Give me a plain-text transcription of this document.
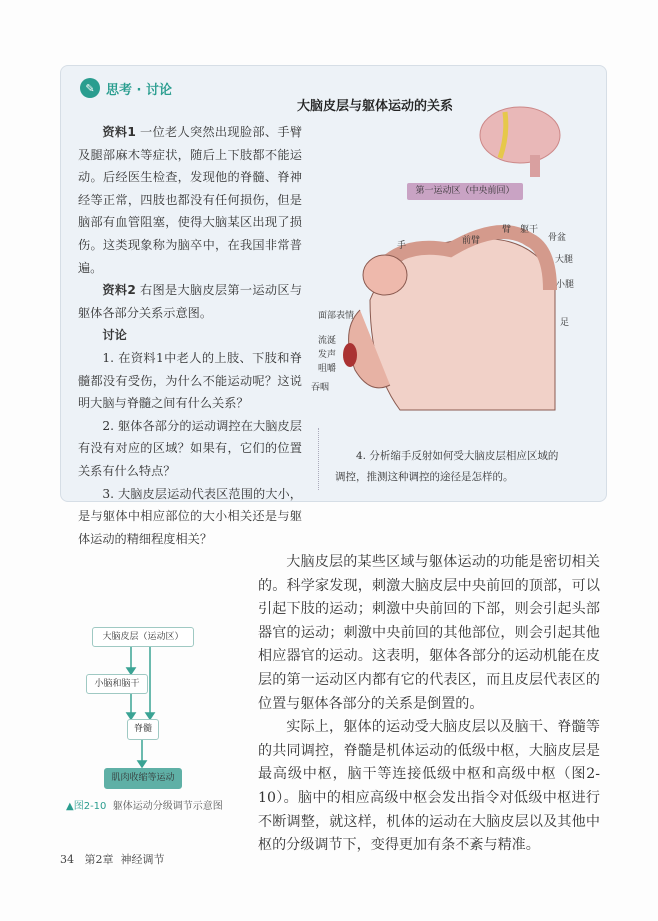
✎ 思考 · 讨论
大脑皮层与躯体运动的关系

资料1 一位老人突然出现脸部、手臂及腿部麻木等症状，随后上下肢都不能运动。后经医生检查，发现他的脊髓、脊神经等正常，四肢也都没有任何损伤，但是脑部有血管阻塞，使得大脑某区出现了损伤。这类现象称为脑卒中，在我国非常普遍。

资料2 右图是大脑皮层第一运动区与躯体各部分关系示意图。

讨论

1. 在资料1中老人的上肢、下肢和脊髓都没有受伤，为什么不能运动呢？这说明大脑与脊髓之间有什么关系？

2. 躯体各部分的运动调控在大脑皮层有没有对应的区域？如果有，它们的位置关系有什么特点？

3. 大脑皮层运动代表区范围的大小，是与躯体中相应部位的大小相关还是与躯体运动的精细程度相关？

第一运动区（中央前回）
手	前臂
臂 躯干
骨盆
大腿
小腿
足
面部表情
流涎
发声
咀嚼
吞咽

4. 分析缩手反射如何受大脑皮层相应区域的调控，推测这种调控的途径是怎样的。

大脑皮层的某些区域与躯体运动的功能是密切相关的。科学家发现，刺激大脑皮层中央前回的顶部，可以引起下肢的运动；刺激中央前回的下部，则会引起头部器官的运动；刺激中央前回的其他部位，则会引起其他相应器官的运动。这表明，躯体各部分的运动机能在皮层的第一运动区内都有它的代表区，而且皮层代表区的位置与躯体各部分的关系是倒置的。

实际上，躯体的运动受大脑皮层以及脑干、脊髓等的共同调控，脊髓是机体运动的低级中枢，大脑皮层是最高级中枢，脑干等连接低级中枢和高级中枢（图2-10）。脑中的相应高级中枢会发出指令对低级中枢进行不断调整，就这样，机体的运动在大脑皮层以及其他中枢的分级调节下，变得更加有条不紊与精准。

大脑皮层（运动区）
小脑和脑干
脊髓
肌肉收缩等运动
▲图2-10 躯体运动分级调节示意图
34 第2章 神经调节
